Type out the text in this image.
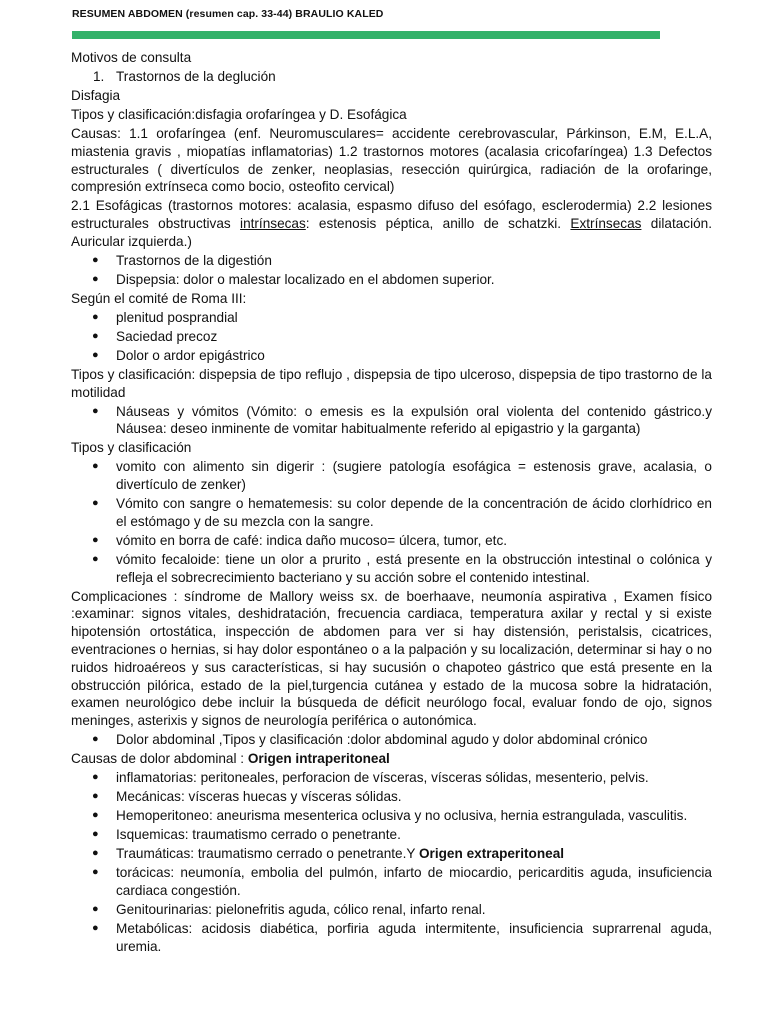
RESUMEN ABDOMEN (resumen cap. 33-44) BRAULIO KALED

Motivos de consulta

1. Trastornos de la deglución

Disfagia

Tipos y clasificación:disfagia orofaríngea y D. Esofágica

Causas: 1.1 orofaríngea (enf. Neuromusculares= accidente cerebrovascular, Párkinson, E.M, E.L.A, miastenia gravis , miopatías inflamatorias) 1.2 trastornos motores (acalasia cricofaríngea) 1.3 Defectos estructurales ( divertículos de zenker, neoplasias, resección quirúrgica, radiación de la orofaringe, compresión extrínseca como bocio, osteofito cervical)

2.1 Esofágicas (trastornos motores: acalasia, espasmo difuso del esófago, esclerodermia) 2.2 lesiones estructurales obstructivas intrínsecas: estenosis péptica, anillo de schatzki. Extrínsecas dilatación. Auricular izquierda.)

● Trastornos de la digestión
● Dispepsia: dolor o malestar localizado en el abdomen superior.

Según el comité de Roma III:

● plenitud posprandial
● Saciedad precoz
● Dolor o ardor epigástrico

Tipos y clasificación: dispepsia de tipo reflujo , dispepsia de tipo ulceroso, dispepsia de tipo trastorno de la motilidad

● Náuseas y vómitos (Vómito: o emesis es la expulsión oral violenta del contenido gástrico.y Náusea: deseo inminente de vomitar habitualmente referido al epigastrio y la garganta)

Tipos y clasificación

● vomito con alimento sin digerir : (sugiere patología esofágica = estenosis grave, acalasia, o divertículo de zenker)
● Vómito con sangre o hematemesis: su color depende de la concentración de ácido clorhídrico en el estómago y de su mezcla con la sangre.
● vómito en borra de café: indica daño mucoso= úlcera, tumor, etc.
● vómito fecaloide: tiene un olor a prurito , está presente en la obstrucción intestinal o colónica y refleja el sobrecrecimiento bacteriano y su acción sobre el contenido intestinal.

Complicaciones : síndrome de Mallory weiss sx. de boerhaave, neumonía aspirativa , Examen físico :examinar: signos vitales, deshidratación, frecuencia cardiaca, temperatura axilar y rectal y si existe hipotensión ortostática, inspección de abdomen para ver si hay distensión, peristalsis, cicatrices, eventraciones o hernias, si hay dolor espontáneo o a la palpación y su localización, determinar si hay o no ruidos hidroaéreos y sus características, si hay sucusión o chapoteo gástrico que está presente en la obstrucción pilórica, estado de la piel,turgencia cutánea y estado de la mucosa sobre la hidratación, examen neurológico debe incluir la búsqueda de déficit neurólogo focal, evaluar fondo de ojo, signos meninges, asterixis y signos de neurología periférica o autonómica.

● Dolor abdominal ,Tipos y clasificación :dolor abdominal agudo y dolor abdominal crónico

Causas de dolor abdominal : Origen intraperitoneal

● inflamatorias: peritoneales, perforacion de vísceras, vísceras sólidas, mesenterio, pelvis.
● Mecánicas: vísceras huecas y vísceras sólidas.
● Hemoperitoneo: aneurisma mesenterica oclusiva y no oclusiva, hernia estrangulada, vasculitis.
● Isquemicas: traumatismo cerrado o penetrante.
● Traumáticas: traumatismo cerrado o penetrante.Y Origen extraperitoneal
● torácicas: neumonía, embolia del pulmón, infarto de miocardio, pericarditis aguda, insuficiencia cardiaca congestión.
● Genitourinarias: pielonefritis aguda, cólico renal, infarto renal.
● Metabólicas: acidosis diabética, porfiria aguda intermitente, insuficiencia suprarrenal aguda, uremia.
